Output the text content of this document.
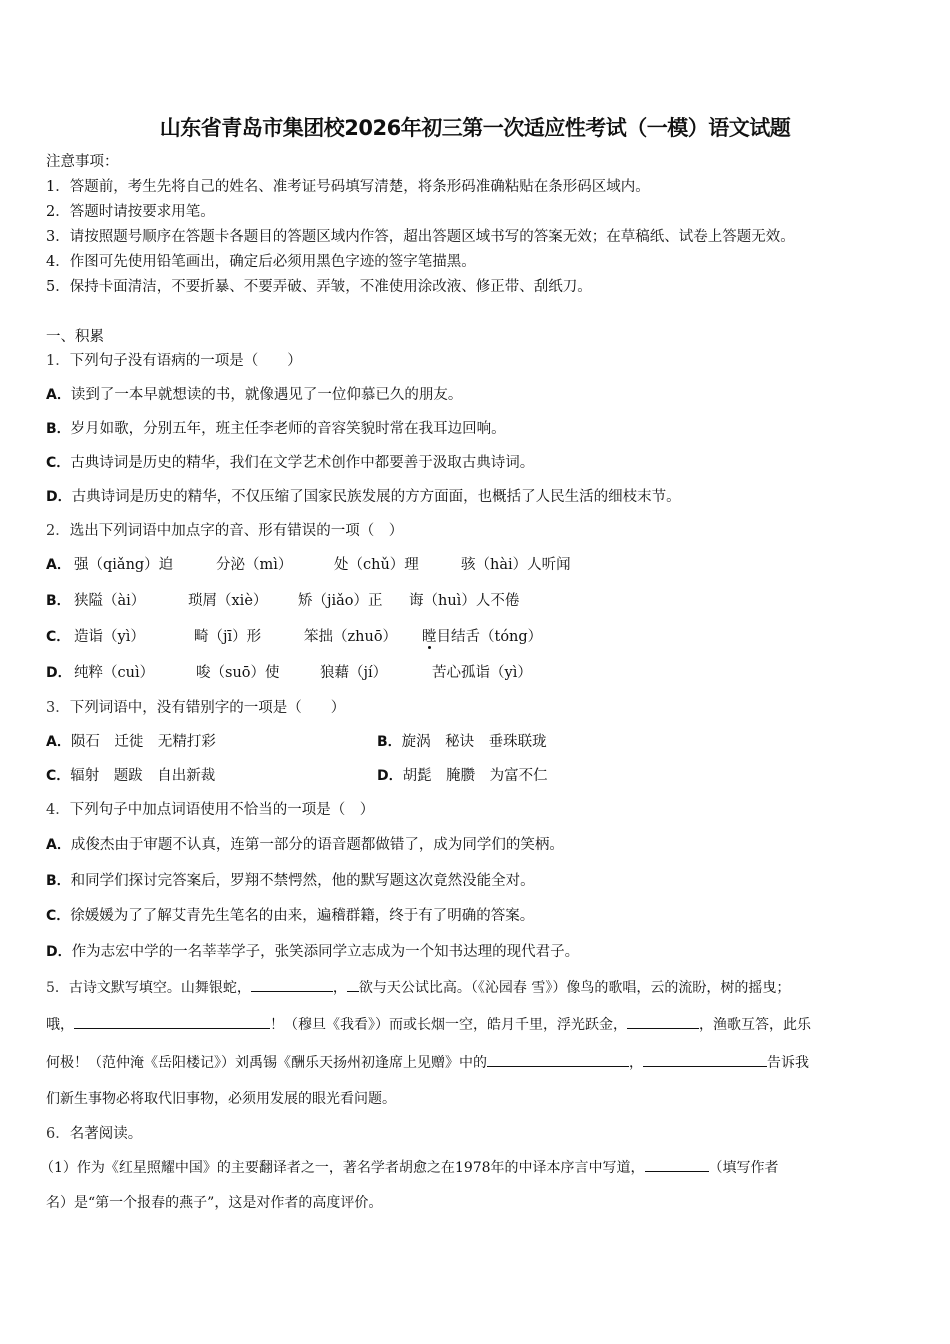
山东省青岛市集团校2026年初三第一次适应性考试（一模）语文试题
注意事项：
1．答题前，考生先将自己的姓名、准考证号码填写清楚，将条形码准确粘贴在条形码区域内。
2．答题时请按要求用笔。
3．请按照题号顺序在答题卡各题目的答题区域内作答，超出答题区域书写的答案无效；在草稿纸、试卷上答题无效。
4．作图可先使用铅笔画出，确定后必须用黑色字迹的签字笔描黑。
5．保持卡面清洁，不要折暴、不要弄破、弄皱，不准使用涂改液、修正带、刮纸刀。
一、积累
1．下列句子没有语病的一项是（　　）
A．读到了一本早就想读的书，就像遇见了一位仰慕已久的朋友。
B．岁月如歌，分别五年，班主任李老师的音容笑貌时常在我耳边回响。
C．古典诗词是历史的精华，我们在文学艺术创作中都要善于汲取古典诗词。
D．古典诗词是历史的精华，不仅压缩了国家民族发展的方方面面，也概括了人民生活的细枝末节。
2．选出下列词语中加点字的音、形有错误的一项（　）
A． 强（qiǎng）迫	分泌（mì）	处（chǔ）理	骇（hài）人听闻
B． 狭隘（ài）	琐屑（xiè） 矫（jiǎo）正 诲（huì）人不倦
C． 造诣（yì）	畸（jī）形	笨拙（zhuō） 瞠目结舌（tóng）
D． 纯粹（cuì）	唆（suō）使	狼藉（jí）	苦心孤诣（yì）
3．下列词语中，没有错别字的一项是（　　）
A．陨石　迁徙　无精打彩	B．旋涡　秘诀　垂珠联珑
C．辐射　题跋　自出新裁	D．胡髭　腌臜　为富不仁
4．下列句子中加点词语使用不恰当的一项是（　）
A．成俊杰由于审题不认真，连第一部分的语音题都做错了，成为同学们的笑柄。
B．和同学们探讨完答案后，罗翔不禁愕然，他的默写题这次竟然没能全对。
C．徐媛媛为了了解艾青先生笔名的由来，遍稽群籍，终于有了明确的答案。
D．作为志宏中学的一名莘莘学子，张笑添同学立志成为一个知书达理的现代君子。
5．古诗文默写填空。山舞银蛇，	， 欲与天公试比高。（《沁园春 雪》）像鸟的歌唱，云的流盼，树的摇曳；
哦，	！（穆旦《我看》）而或长烟一空，皓月千里，浮光跃金，	，渔歌互答，此乐
何极！（范仲淹《岳阳楼记》）刘禹锡《酬乐天扬州初逢席上见赠》中的	，	告诉我
们新生事物必将取代旧事物，必须用发展的眼光看问题。
6．名著阅读。
（1）作为《红星照耀中国》的主要翻译者之一，著名学者胡愈之在1978年的中译本序言中写道，	（填写作者
名）是“第一个报春的燕子”，这是对作者的高度评价。
